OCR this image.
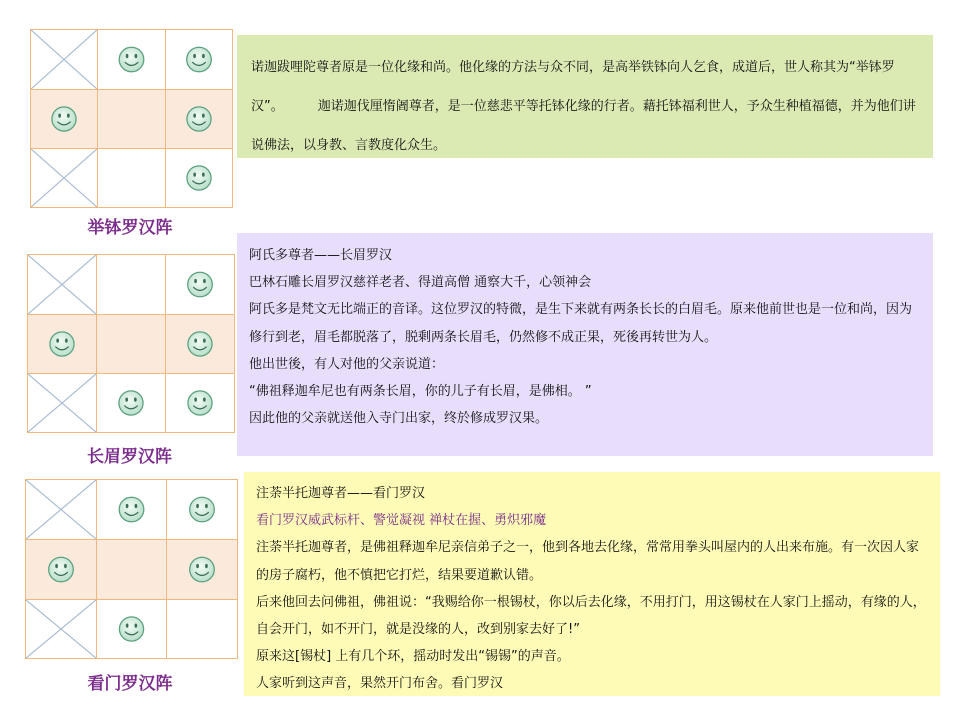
举钵罗汉阵

长眉罗汉阵

看门罗汉阵
诺迦跋哩陀尊者原是一位化缘和尚。他化缘的方法与众不同，是高举铁钵向人乞食，成道后，世人称其为“举钵罗汉”。	迦诺迦伐厘惰阇尊者，是一位慈悲平等托钵化缘的行者。藉托钵福利世人，予众生种植福德，并为他们讲说佛法，以身教、言教度化众生。

阿氏多尊者——长眉罗汉

巴林石雕长眉罗汉慈祥老者、得道高僧 通察大千，心领神会

阿氏多是梵文无比端正的音译。这位罗汉的特微，是生下来就有两条长长的白眉毛。原来他前世也是一位和尚，因为修行到老，眉毛都脱落了，脱剩两条长眉毛，仍然修不成正果，死後再转世为人。

他出世後，有人对他的父亲说道：

“佛祖释迦牟尼也有两条长眉，你的儿子有长眉，是佛相。 ”

因此他的父亲就送他入寺门出家，终於修成罗汉果。

注荼半托迦尊者——看门罗汉

看门罗汉威武标杆、警觉凝视 禅杖在握、勇炽邪魔

注荼半托迦尊者，是佛祖释迦牟尼亲信弟子之一，他到各地去化缘，常常用拳头叫屋内的人出来布施。有一次因人家的房子腐朽，他不慎把它打烂，结果要道歉认错。

后来他回去问佛祖，佛祖说：“我赐给你一根锡杖，你以后去化缘，不用打门，用这锡杖在人家门上摇动，有缘的人，自会开门，如不开门，就是没缘的人，改到别家去好了!”

原来这[锡杖] 上有几个环，摇动时发出“锡锡”的声音。

人家听到这声音，果然开门布舍。看门罗汉
